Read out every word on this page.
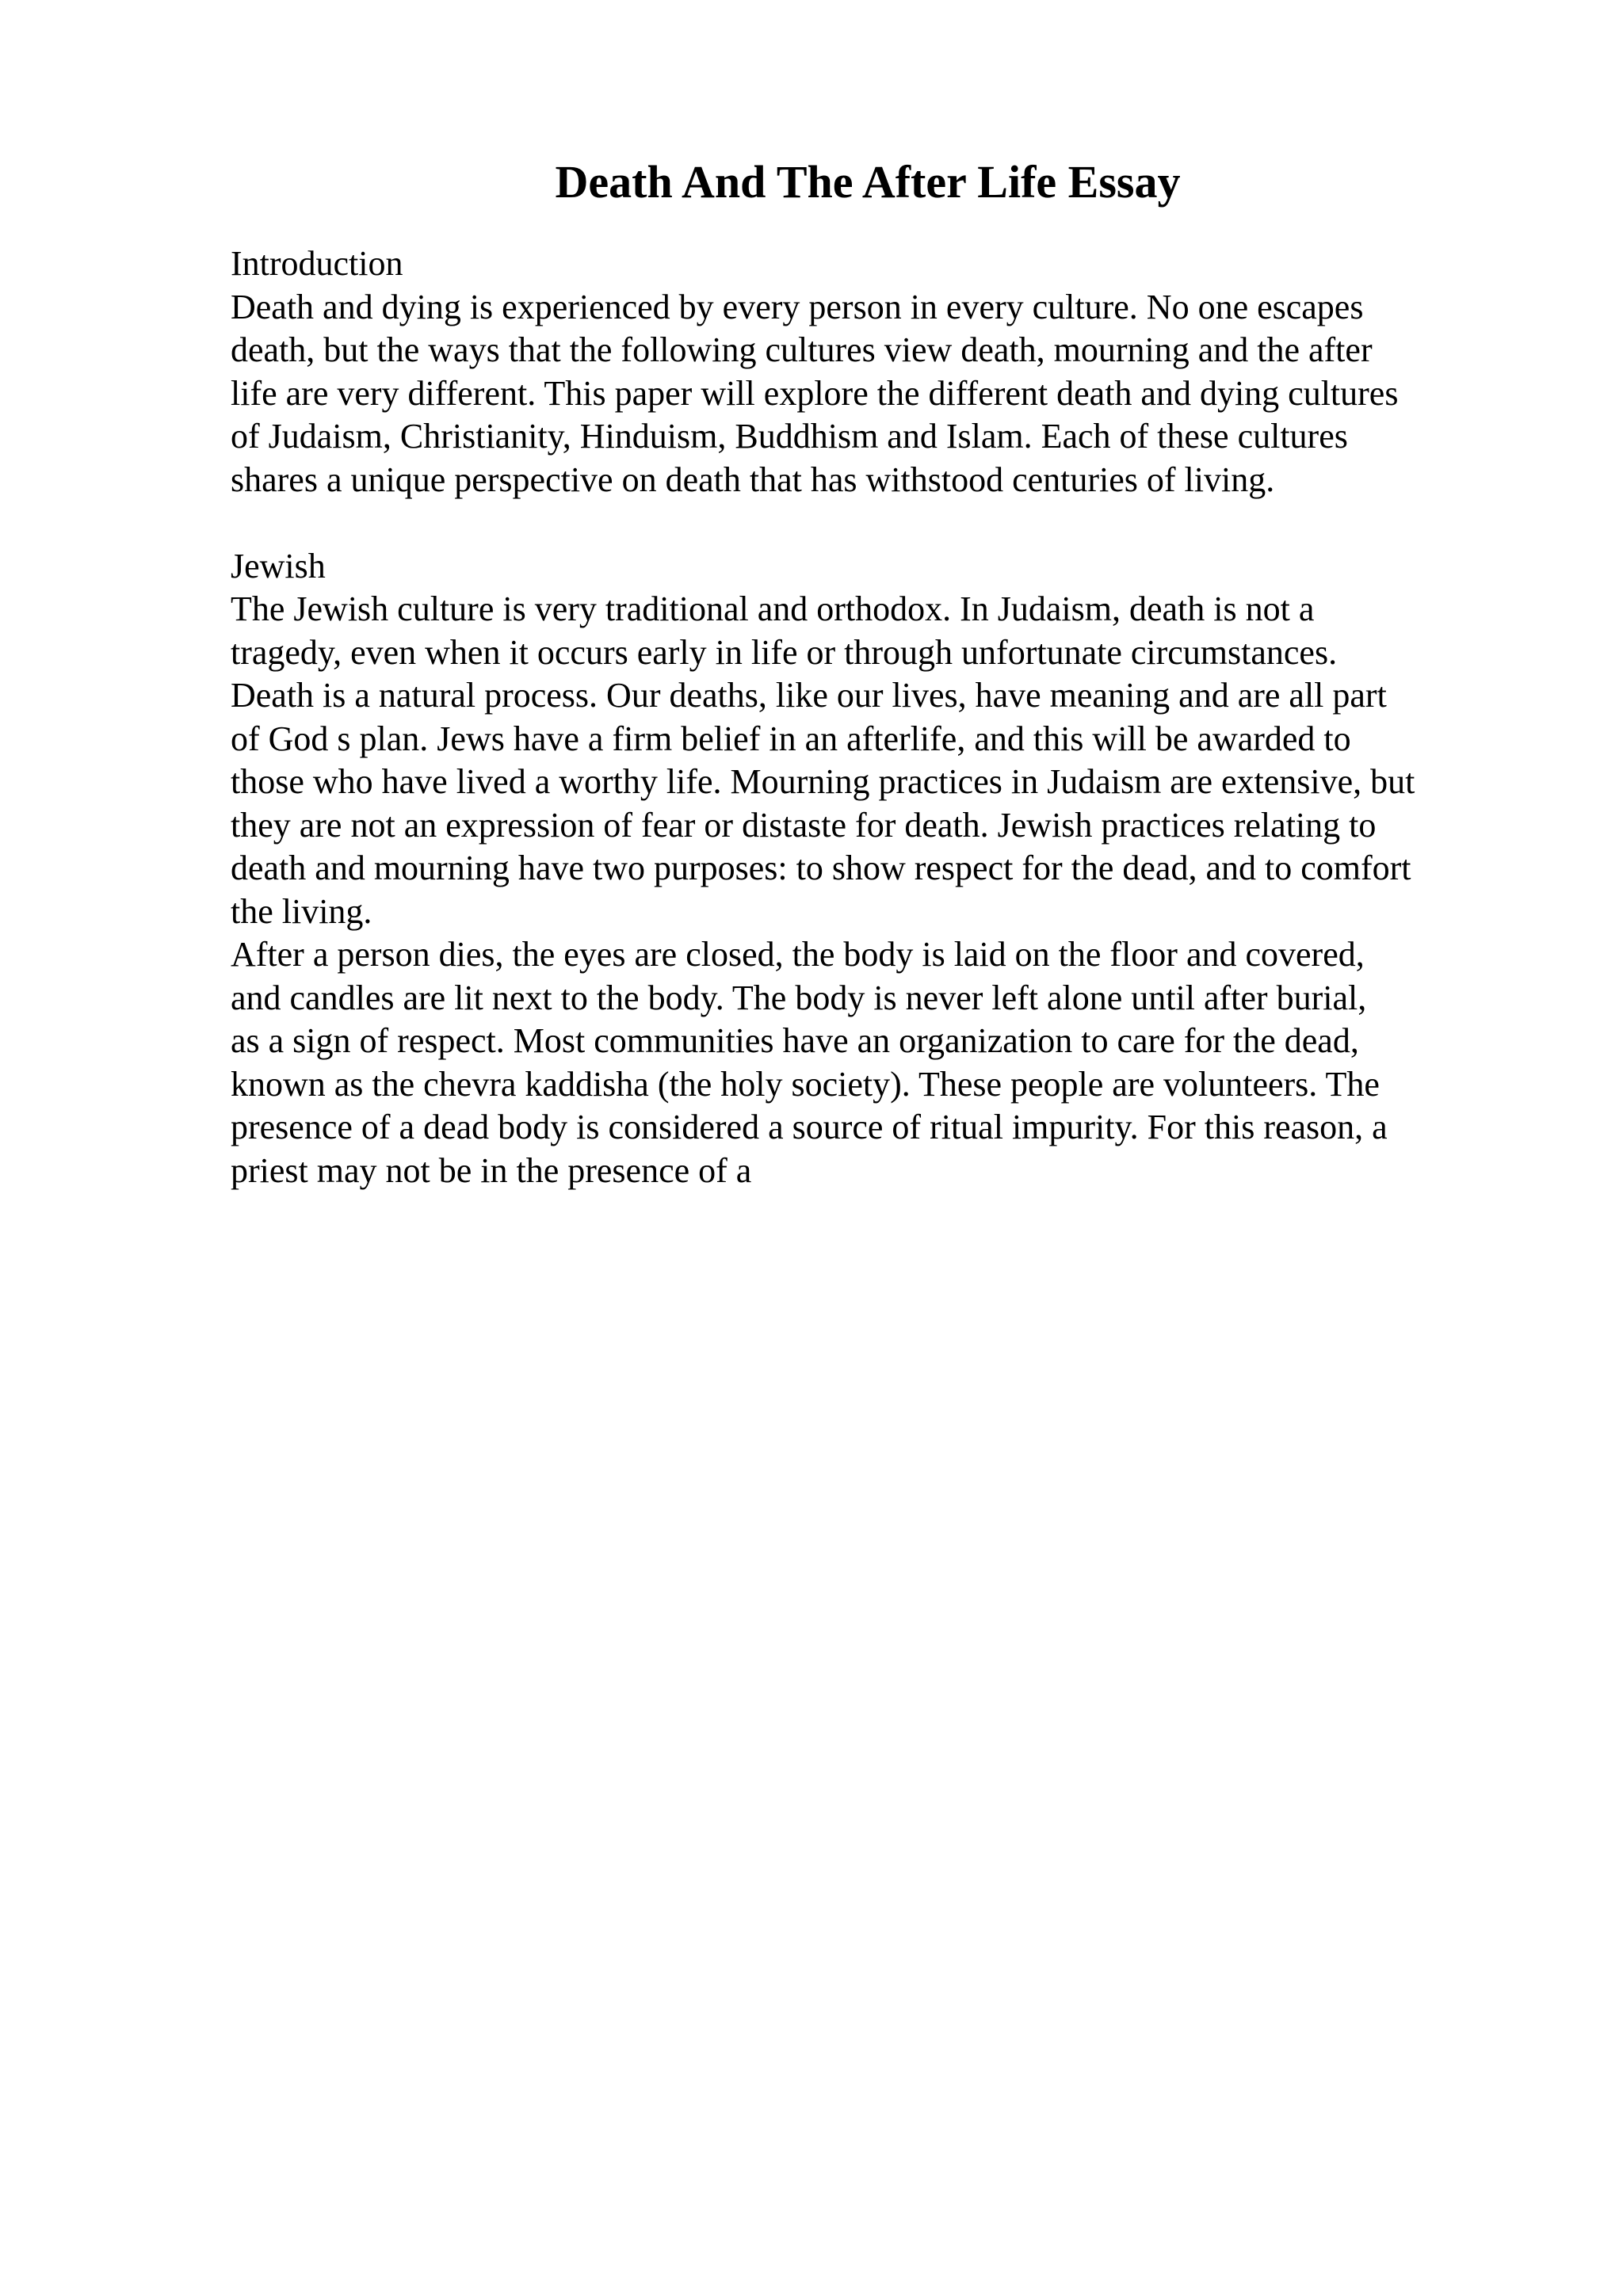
Death And The After Life Essay
Introduction
Death and dying is experienced by every person in every culture. No one escapes
death, but the ways that the following cultures view death, mourning and the after
life are very different. This paper will explore the different death and dying cultures
of Judaism, Christianity, Hinduism, Buddhism and Islam. Each of these cultures
shares a unique perspective on death that has withstood centuries of living.
Jewish
The Jewish culture is very traditional and orthodox. In Judaism, death is not a
tragedy, even when it occurs early in life or through unfortunate circumstances.
Death is a natural process. Our deaths, like our lives, have meaning and are all part
of God s plan. Jews have a firm belief in an afterlife, and this will be awarded to
those who have lived a worthy life. Mourning practices in Judaism are extensive, but
they are not an expression of fear or distaste for death. Jewish practices relating to
death and mourning have two purposes: to show respect for the dead, and to comfort
the living.
After a person dies, the eyes are closed, the body is laid on the floor and covered,
and candles are lit next to the body. The body is never left alone until after burial,
as a sign of respect. Most communities have an organization to care for the dead,
known as the chevra kaddisha (the holy society). These people are volunteers. The
presence of a dead body is considered a source of ritual impurity. For this reason, a
priest may not be in the presence of a
